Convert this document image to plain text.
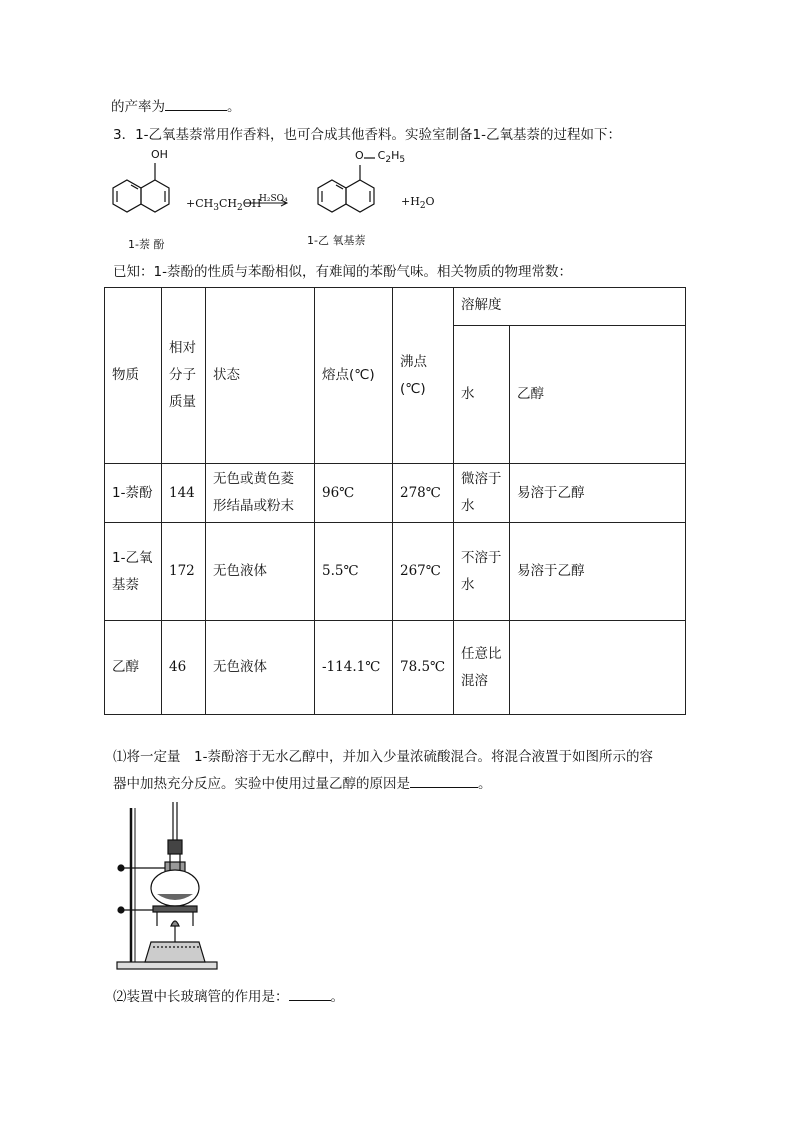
的产率为	。
3．1-乙氧基萘常用作香料，也可合成其他香料。实验室制备1-乙氧基萘的过程如下：
OH
$+CH_3CH_2OH$
H₂SO₄
O $C_2H_5$
$+H_2O$
1-萘 酚	1-乙 氧基萘
已知：1-萘酚的性质与苯酚相似，有难闻的苯酚气味。相关物质的物理常数：
物质	相对分子质量	状态	熔点(℃)	沸点(℃)	溶解度	
					水	乙醇
1-萘酚	144	无色或黄色菱形结晶或粉末	96℃	278℃	微溶于水	易溶于乙醇
1-乙氧基萘	172	无色液体	5.5℃	267℃	不溶于水	易溶于乙醇
乙醇	46	无色液体	-114.1℃	78.5℃	任意比混溶	
⑴将一定量　1-萘酚溶于无水乙醇中，并加入少量浓硫酸混合。将混合液置于如图所示的容
器中加热充分反应。实验中使用过量乙醇的原因是	。
⑵装置中长玻璃管的作用是：	。
